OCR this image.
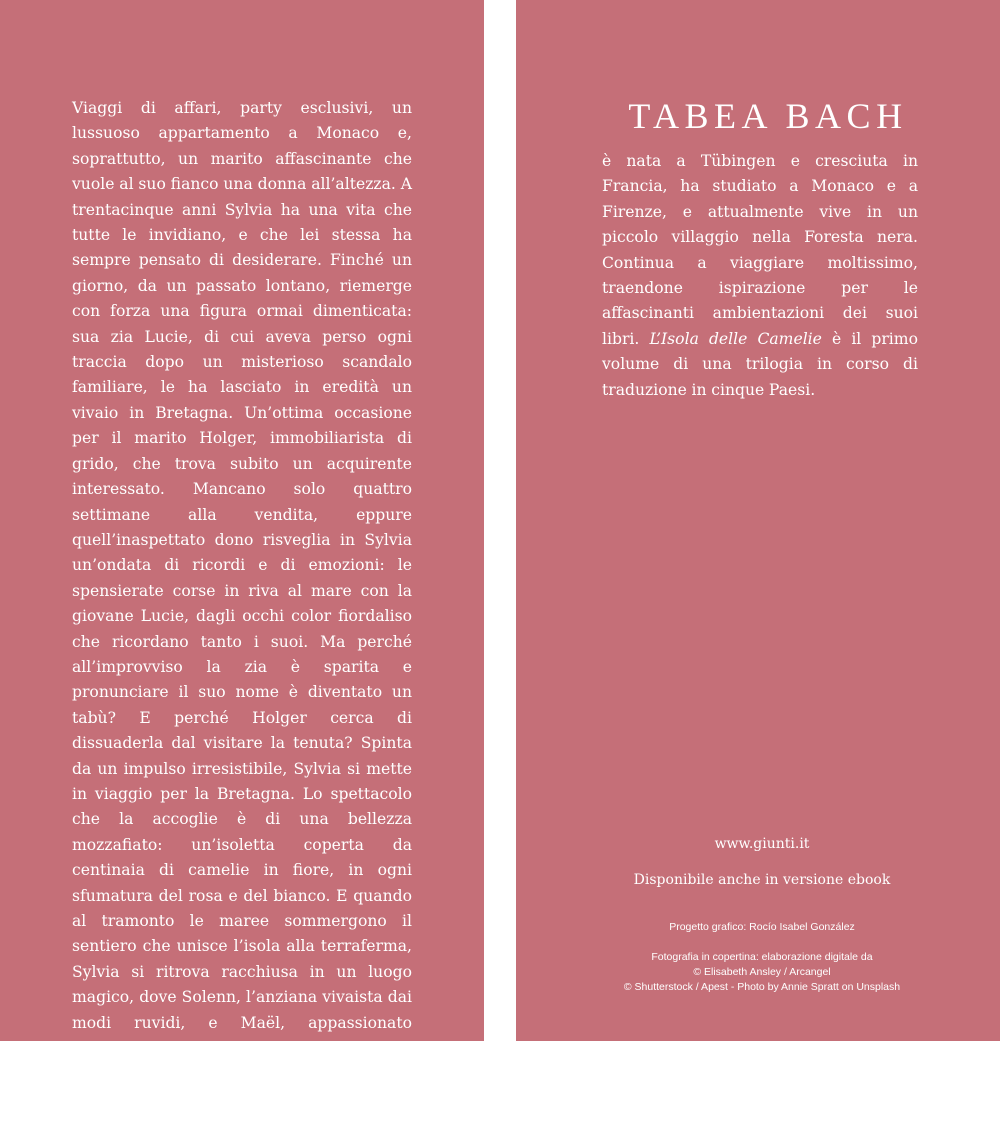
Viaggi di affari, party esclusivi, un lussuoso appartamento a Monaco e, soprattutto, un marito affascinante che vuole al suo fianco una donna all’altezza. A trentacinque anni Sylvia ha una vita che tutte le invidiano, e che lei stessa ha sempre pensato di desiderare. Finché un giorno, da un passato lontano, riemerge con forza una figura ormai dimenticata: sua zia Lucie, di cui aveva perso ogni traccia dopo un misterioso scandalo familiare, le ha lasciato in eredità un vivaio in Bretagna. Un’ottima occasione per il marito Holger, immobiliarista di grido, che trova subito un acquirente interessato. Mancano solo quattro settimane alla vendita, eppure quell’inaspettato dono risveglia in Sylvia un’ondata di ricordi e di emozioni: le spensierate corse in riva al mare con la giovane Lucie, dagli occhi color fiordaliso che ricordano tanto i suoi. Ma perché all’improvviso la zia è sparita e pronunciare il suo nome è diventato un tabù? E perché Holger cerca di dissuaderla dal visitare la tenuta? Spinta da un impulso irresistibile, Sylvia si mette in viaggio per la Bretagna. Lo spettacolo che la accoglie è di una bellezza mozzafiato: un’isoletta coperta da centinaia di camelie in fiore, in ogni sfumatura del rosa e del bianco. E quando al tramonto le maree sommergono il sentiero che unisce l’isola alla terraferma, Sylvia si ritrova racchiusa in un luogo magico, dove Solenn, l’anziana vivaista dai modi ruvidi, e Maël, appassionato floricoltore, la introdurranno ai segreti e alle piccole cure indispensabili per far sbocciare i fiori più rari e i sogni più inconfessati…

TABEA BACH

è nata a Tübingen e cresciuta in Francia, ha studiato a Monaco e a Firenze, e attualmente vive in un piccolo villaggio nella Foresta nera. Continua a viaggiare moltissimo, traendone ispirazione per le affascinanti ambientazioni dei suoi libri. L’Isola delle Camelie è il primo volume di una trilogia in corso di traduzione in cinque Paesi.

www.giunti.it
Disponibile anche in versione ebook
Progetto grafico: Rocío Isabel González
Fotografia in copertina: elaborazione digitale da
© Elisabeth Ansley / Arcangel
© Shutterstock / Apest - Photo by Annie Spratt on Unsplash
